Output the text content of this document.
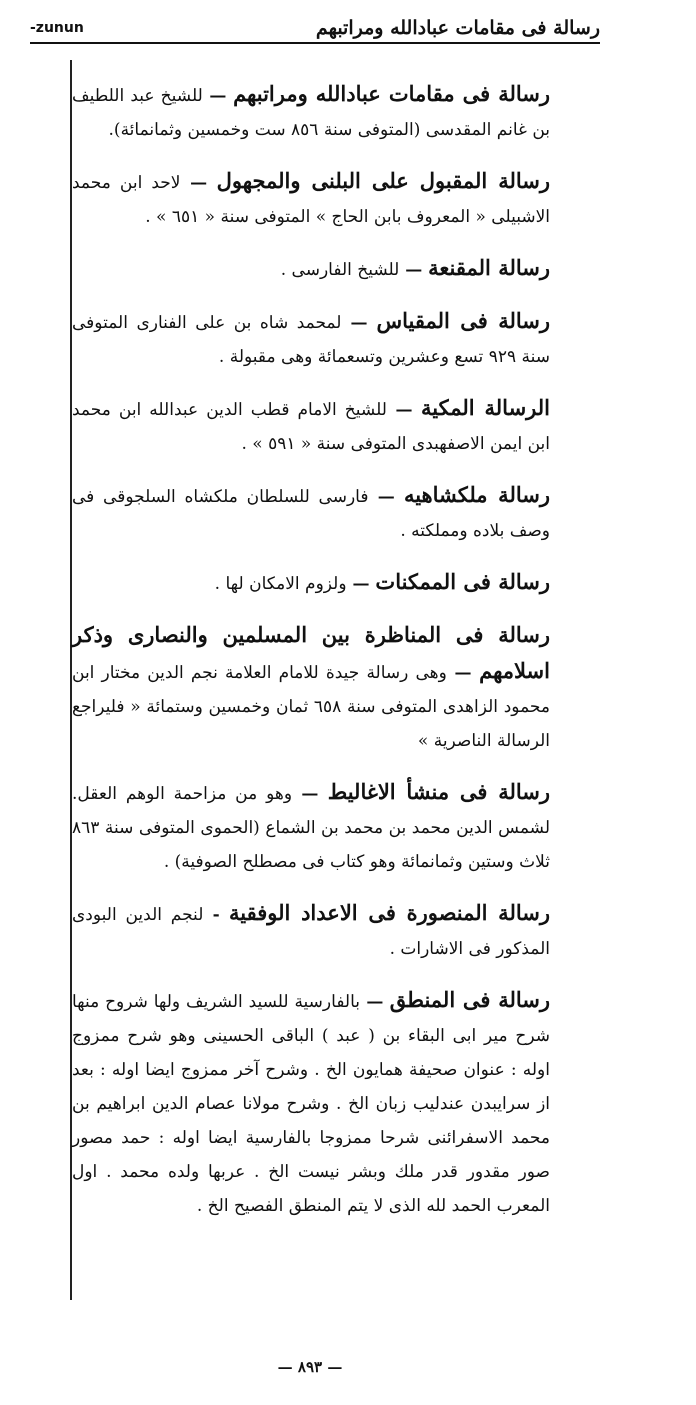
-zunun	رسالة فى مقامات عبادالله ومراتبهم

رسالة فى مقامات عبادالله ومراتبهم — للشيخ عبد اللطيف بن غانم المقدسى (المتوفى سنة ٨٥٦ ست وخمسين وثمانمائة).

رسالة المقبول على البلنى والمجهول — لاحد ابن محمد الاشبيلى « المعروف بابن الحاج » المتوفى سنة « ٦٥١ » .

رسالة المقنعة — للشيخ الفارسى .

رسالة فى المقياس — لمحمد شاه بن على الفنارى المتوفى سنة ٩٢٩ تسع وعشرين وتسعمائة وهى مقبولة .

الرسالة المكية — للشيخ الامام قطب الدين عبدالله ابن محمد ابن ايمن الاصفهبدى المتوفى سنة « ٥٩١ » .

رسالة ملكشاهيه — فارسى للسلطان ملكشاه السلجوقى فى وصف بلاده ومملكته .

رسالة فى الممكنات — ولزوم الامكان لها .

رسالة فى المناظرة بين المسلمين والنصارى وذكر اسلامهم — وهى رسالة جيدة للامام العلامة نجم الدين مختار ابن محمود الزاهدى المتوفى سنة ٦٥٨ ثمان وخمسين وستمائة « فليراجع الرسالة الناصرية »

رسالة فى منشأ الاغاليط — وهو من مزاحمة الوهم العقل. لشمس الدين محمد بن محمد بن الشماع (الحموى المتوفى سنة ٨٦٣ ثلاث وستين وثمانمائة وهو كتاب فى مصطلح الصوفية) .

رسالة المنصورة فى الاعداد الوفقية - لنجم الدين البودى المذكور فى الاشارات .

رسالة فى المنطق — بالفارسية للسيد الشريف ولها شروح منها شرح مير ابى البقاء بن ( عبد ) الباقى الحسينى وهو شرح ممزوج اوله : عنوان صحيفة همايون الخ . وشرح آخر ممزوج ايضا اوله : بعد از سرايبدن عندليب زبان الخ . وشرح مولانا عصام الدين ابراهيم بن محمد الاسفرائنى شرحا ممزوجا بالفارسية ايضا اوله : حمد مصور صور مقدور قدر ملك وبشر نيست الخ . عربها ولده محمد . اول المعرب الحمد لله الذى لا يتم المنطق الفصيح الخ .

— ٨٩٣ —
